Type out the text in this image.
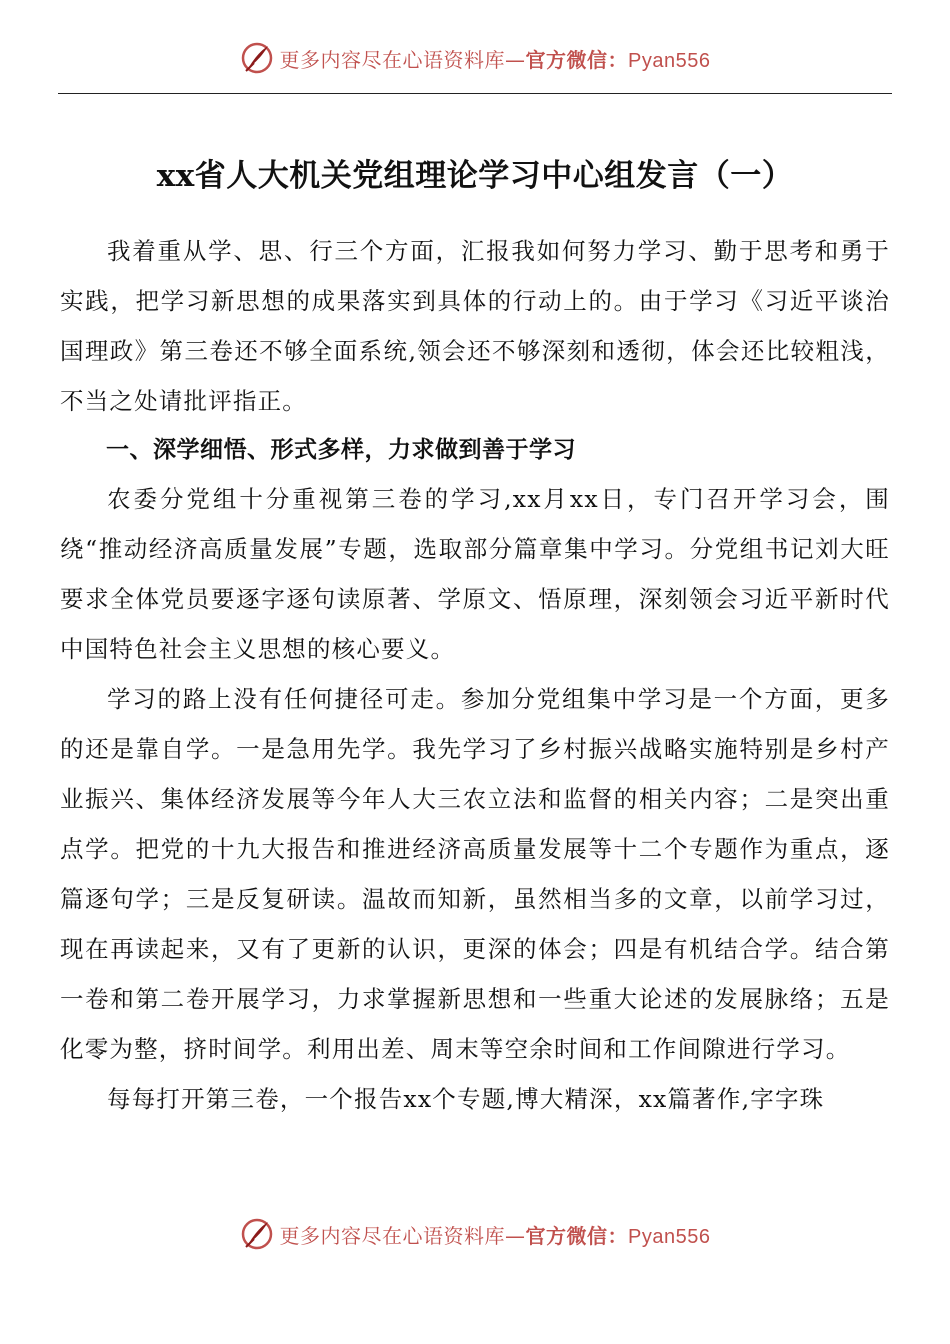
更多内容尽在心语资料库—官方微信：Pyan556
xx省人大机关党组理论学习中心组发言（一）

我着重从学、思、行三个方面，汇报我如何努力学习、勤于思考和勇于实践，把学习新思想的成果落实到具体的行动上的。由于学习《习近平谈治国理政》第三卷还不够全面系统,领会还不够深刻和透彻，体会还比较粗浅，不当之处请批评指正。

一、深学细悟、形式多样，力求做到善于学习

农委分党组十分重视第三卷的学习,xx月xx日，专门召开学习会，围绕“推动经济高质量发展”专题，选取部分篇章集中学习。分党组书记刘大旺要求全体党员要逐字逐句读原著、学原文、悟原理，深刻领会习近平新时代中国特色社会主义思想的核心要义。

学习的路上没有任何捷径可走。参加分党组集中学习是一个方面，更多的还是靠自学。一是急用先学。我先学习了乡村振兴战略实施特别是乡村产业振兴、集体经济发展等今年人大三农立法和监督的相关内容；二是突出重点学。把党的十九大报告和推进经济高质量发展等十二个专题作为重点，逐篇逐句学；三是反复研读。温故而知新，虽然相当多的文章，以前学习过，现在再读起来，又有了更新的认识，更深的体会；四是有机结合学。结合第一卷和第二卷开展学习，力求掌握新思想和一些重大论述的发展脉络；五是化零为整，挤时间学。利用出差、周末等空余时间和工作间隙进行学习。

每每打开第三卷，一个报告xx个专题,博大精深，xx篇著作,字字珠

更多内容尽在心语资料库—官方微信：Pyan556
